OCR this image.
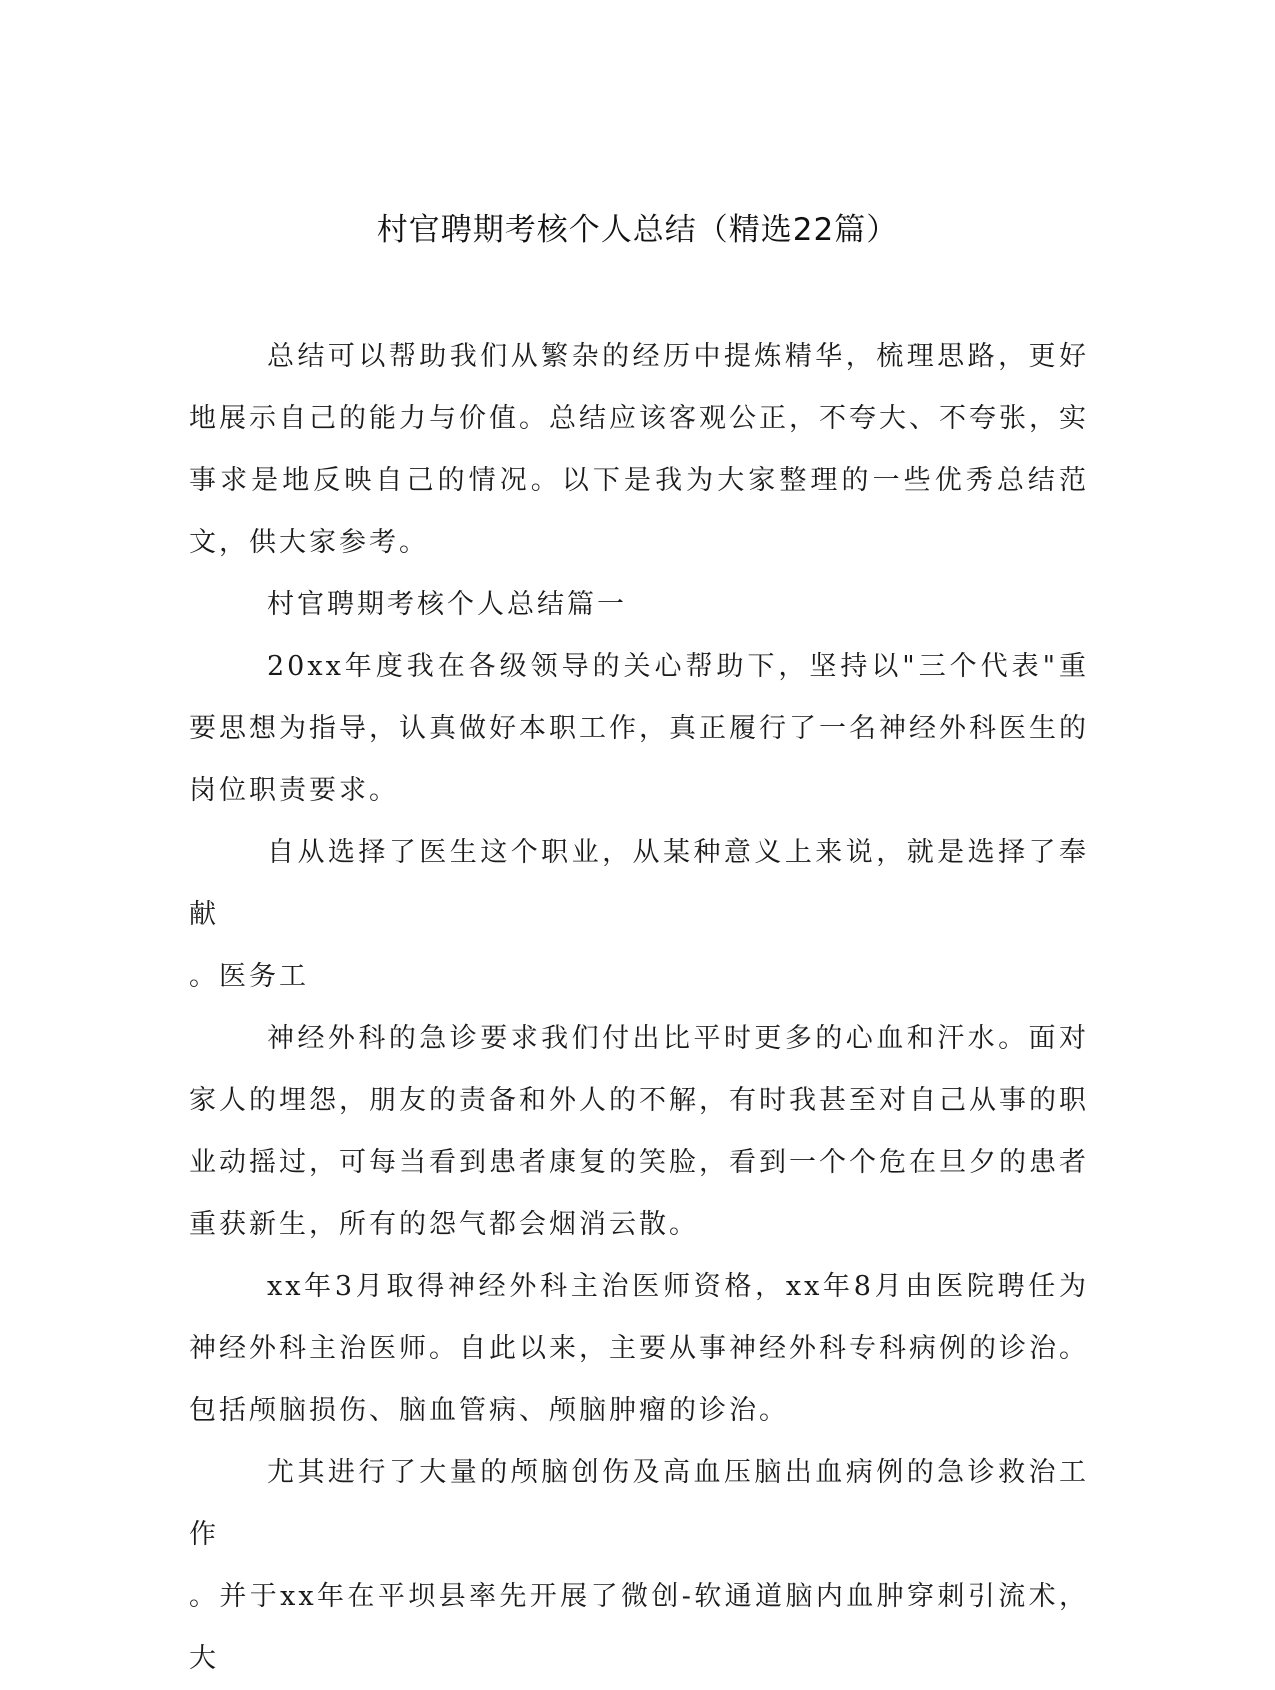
村官聘期考核个人总结（精选22篇）

总结可以帮助我们从繁杂的经历中提炼精华，梳理思路，更好地展示自己的能力与价值。总结应该客观公正，不夸大、不夸张，实事求是地反映自己的情况。以下是我为大家整理的一些优秀总结范文，供大家参考。

村官聘期考核个人总结篇一

20xx年度我在各级领导的关心帮助下，坚持以"三个代表"重要思想为指导，认真做好本职工作，真正履行了一名神经外科医生的岗位职责要求。

自从选择了医生这个职业，从某种意义上来说，就是选择了奉献

。医务工

神经外科的急诊要求我们付出比平时更多的心血和汗水。面对家人的埋怨，朋友的责备和外人的不解，有时我甚至对自己从事的职业动摇过，可每当看到患者康复的笑脸，看到一个个危在旦夕的患者重获新生，所有的怨气都会烟消云散。

xx年3月取得神经外科主治医师资格，xx年8月由医院聘任为神经外科主治医师。自此以来，主要从事神经外科专科病例的诊治。包括颅脑损伤、脑血管病、颅脑肿瘤的诊治。

尤其进行了大量的颅脑创伤及高血压脑出血病例的急诊救治工作

。并于xx年在平坝县率先开展了微创-软通道脑内血肿穿刺引流术，大
